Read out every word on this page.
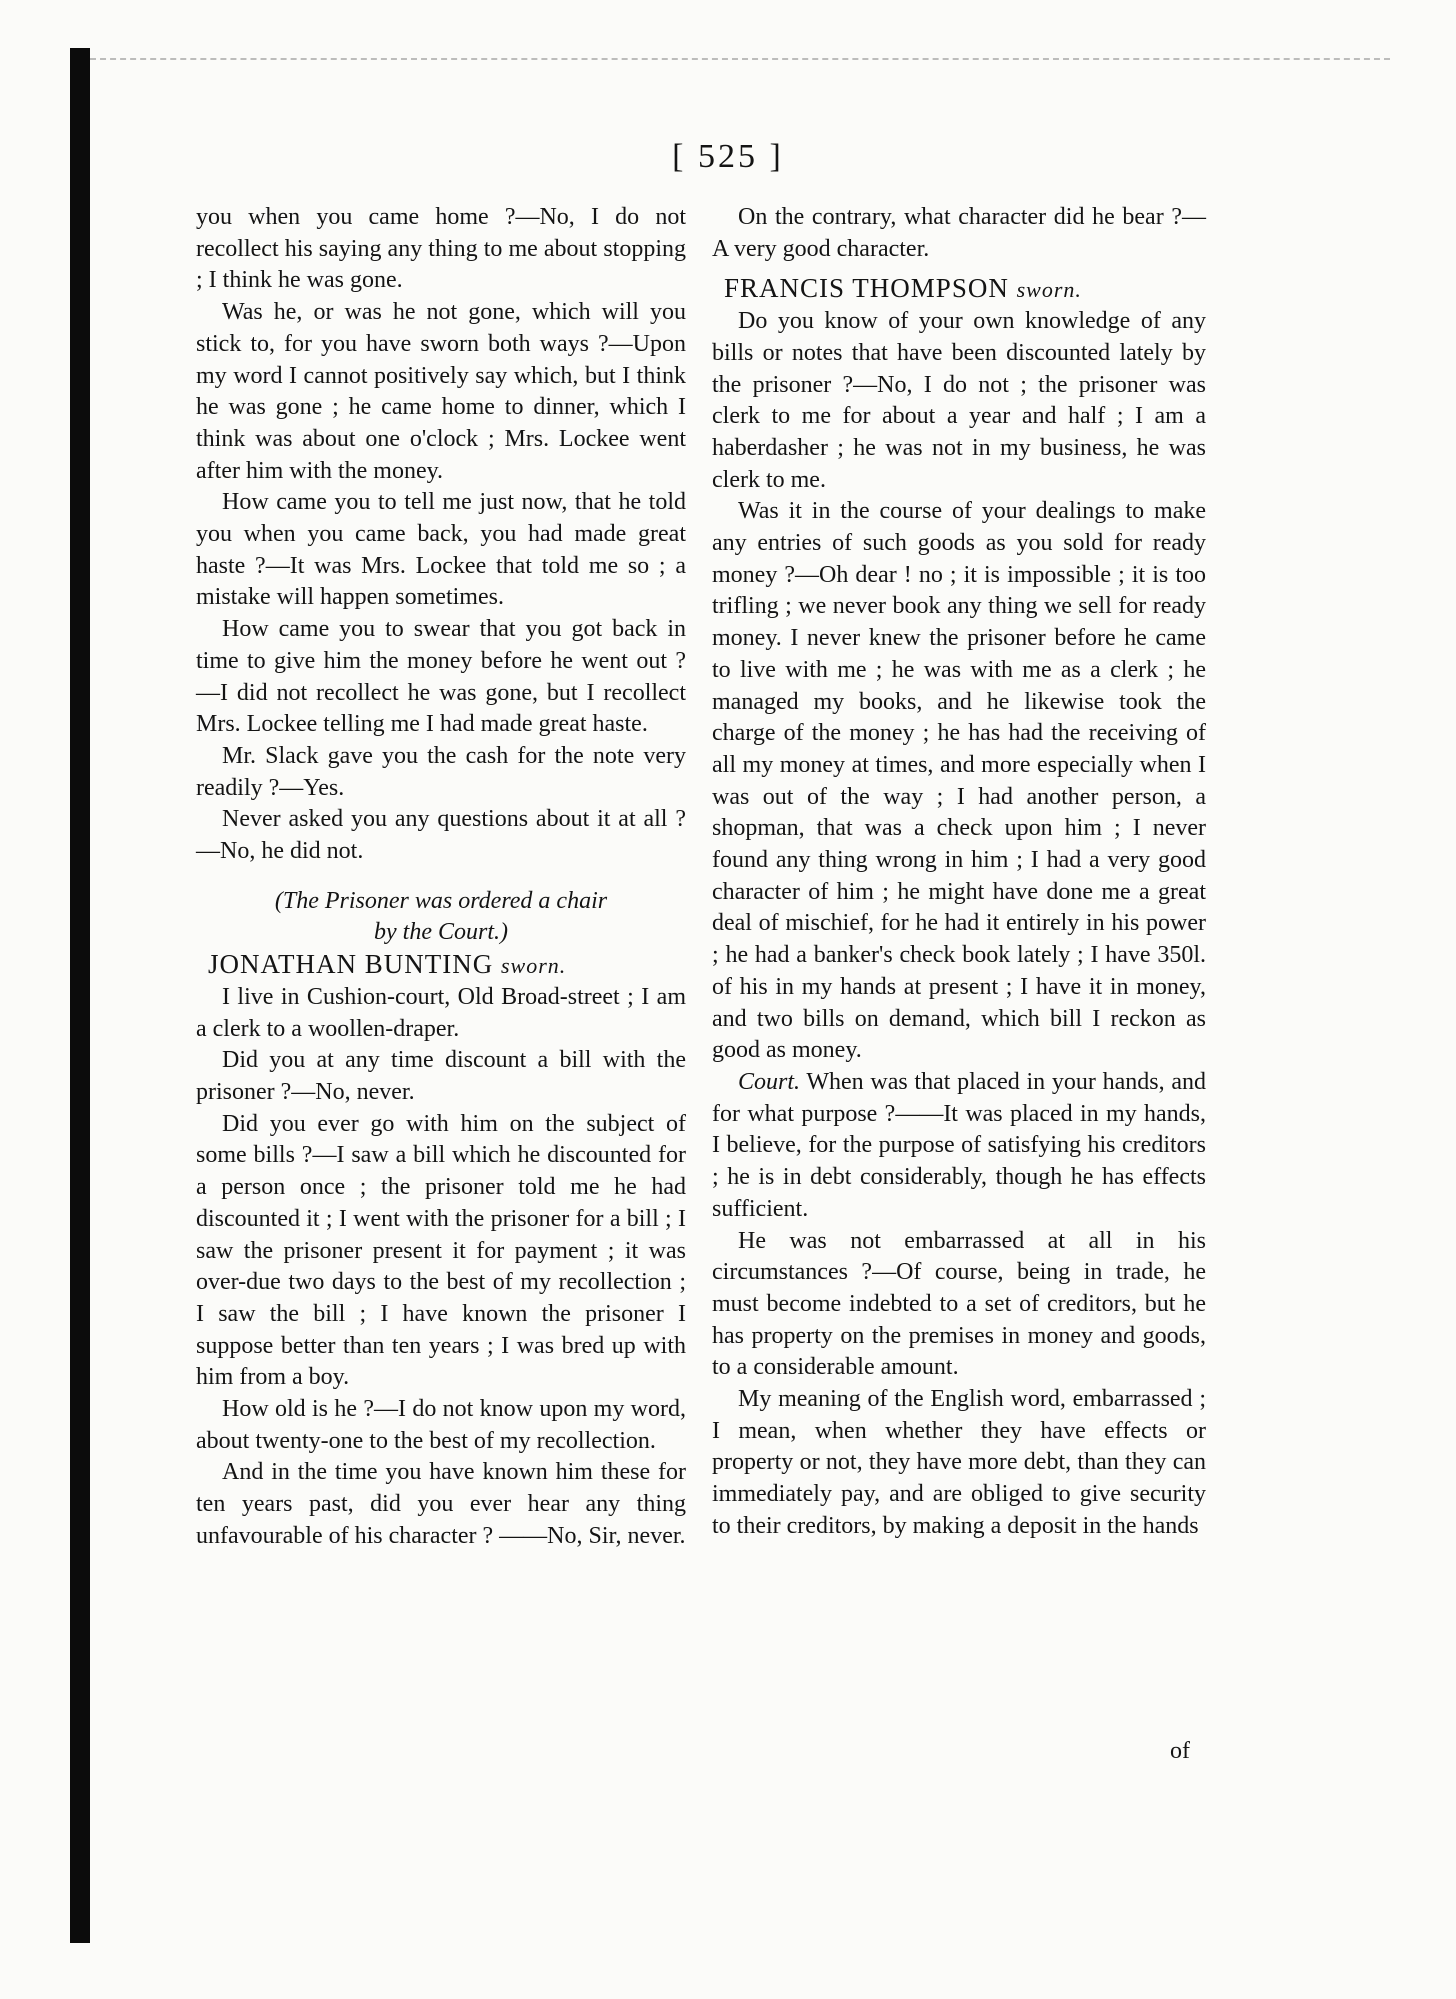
[ 525 ]

you when you came home ?—No, I do not recollect his saying any thing to me about stopping ; I think he was gone.

Was he, or was he not gone, which will you stick to, for you have sworn both ways ?—Upon my word I cannot positively say which, but I think he was gone ; he came home to dinner, which I think was about one o'clock ; Mrs. Lockee went after him with the money.

How came you to tell me just now, that he told you when you came back, you had made great haste ?—It was Mrs. Lockee that told me so ; a mistake will happen sometimes.

How came you to swear that you got back in time to give him the money before he went out ?—I did not recollect he was gone, but I recollect Mrs. Lockee telling me I had made great haste.

Mr. Slack gave you the cash for the note very readily ?—Yes.

Never asked you any questions about it at all ?—No, he did not.

(The Prisoner was ordered a chair

by the Court.)

JONATHAN BUNTING sworn.

I live in Cushion-court, Old Broad-street ; I am a clerk to a woollen-draper.

Did you at any time discount a bill with the prisoner ?—No, never.

Did you ever go with him on the subject of some bills ?—I saw a bill which he discounted for a person once ; the prisoner told me he had discounted it ; I went with the prisoner for a bill ; I saw the prisoner present it for payment ; it was over-due two days to the best of my recollection ; I saw the bill ; I have known the prisoner I suppose better than ten years ; I was bred up with him from a boy.

How old is he ?—I do not know upon my word, about twenty-one to the best of my recollection.

And in the time you have known him these for ten years past, did you ever hear any thing unfavourable of his character ? ——No, Sir, never.

On the contrary, what character did he bear ?—A very good character.

FRANCIS THOMPSON sworn.

Do you know of your own knowledge of any bills or notes that have been discounted lately by the prisoner ?—No, I do not ; the prisoner was clerk to me for about a year and half ; I am a haberdasher ; he was not in my business, he was clerk to me.

Was it in the course of your dealings to make any entries of such goods as you sold for ready money ?—Oh dear ! no ; it is impossible ; it is too trifling ; we never book any thing we sell for ready money. I never knew the prisoner before he came to live with me ; he was with me as a clerk ; he managed my books, and he likewise took the charge of the money ; he has had the receiving of all my money at times, and more especially when I was out of the way ; I had another person, a shopman, that was a check upon him ; I never found any thing wrong in him ; I had a very good character of him ; he might have done me a great deal of mischief, for he had it entirely in his power ; he had a banker's check book lately ; I have 350l. of his in my hands at present ; I have it in money, and two bills on demand, which bill I reckon as good as money.

Court. When was that placed in your hands, and for what purpose ?——It was placed in my hands, I believe, for the purpose of satisfying his creditors ; he is in debt considerably, though he has effects sufficient.

He was not embarrassed at all in his circumstances ?—Of course, being in trade, he must become indebted to a set of creditors, but he has property on the premises in money and goods, to a considerable amount.

My meaning of the English word, embarrassed ; I mean, when whether they have effects or property or not, they have more debt, than they can immediately pay, and are obliged to give security to their creditors, by making a deposit in the hands

of
